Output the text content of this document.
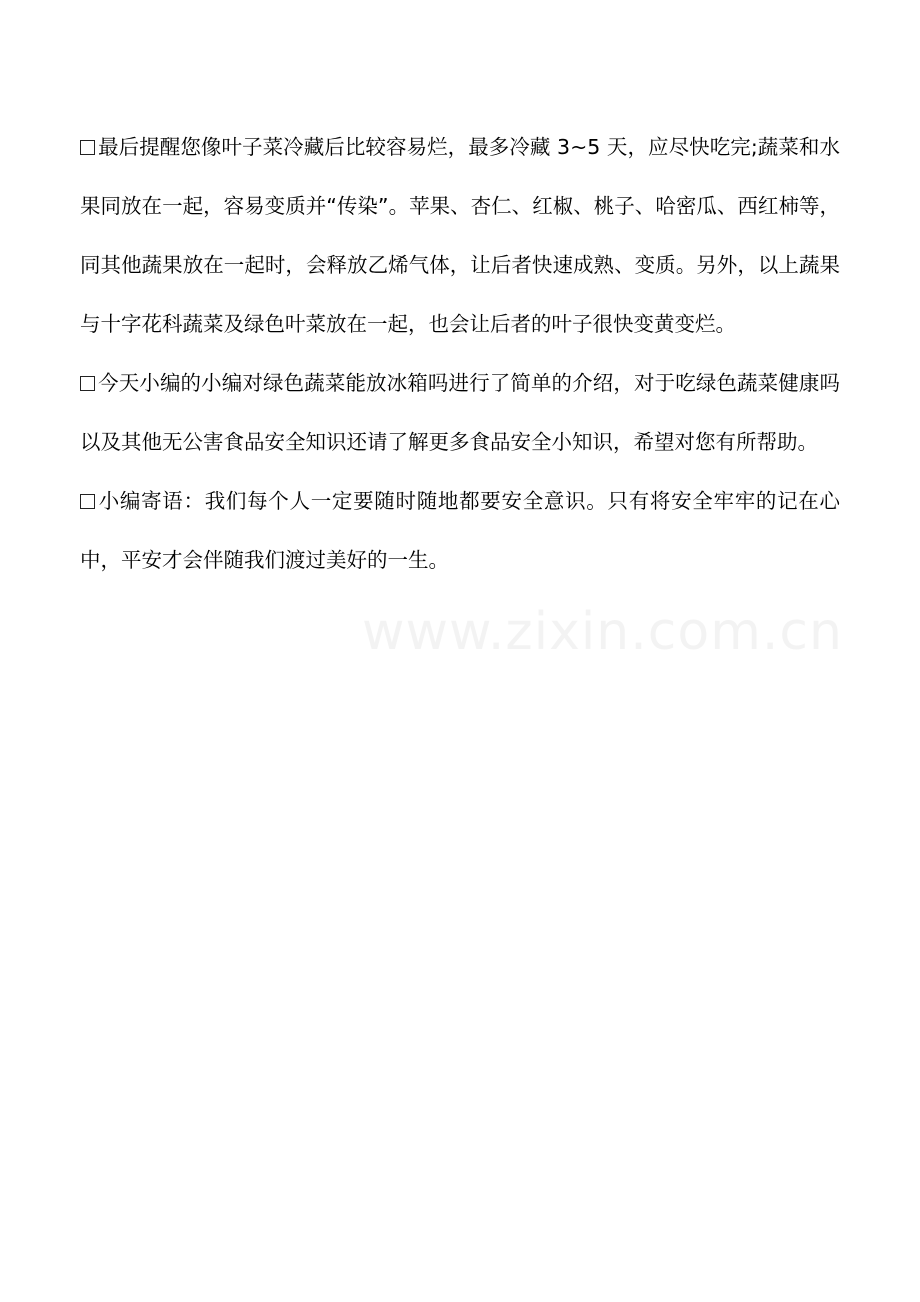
www.zixin.com.cn

最后提醒您像叶子菜冷藏后比较容易烂，最多冷藏 3~5 天，应尽快吃完;蔬菜和水果同放在一起，容易变质并“传染”。苹果、杏仁、红椒、桃子、哈密瓜、西红柿等，同其他蔬果放在一起时，会释放乙烯气体，让后者快速成熟、变质。另外，以上蔬果与十字花科蔬菜及绿色叶菜放在一起，也会让后者的叶子很快变黄变烂。

今天小编的小编对绿色蔬菜能放冰箱吗进行了简单的介绍，对于吃绿色蔬菜健康吗以及其他无公害食品安全知识还请了解更多食品安全小知识，希望对您有所帮助。

小编寄语：我们每个人一定要随时随地都要安全意识。只有将安全牢牢的记在心中，平安才会伴随我们渡过美好的一生。
